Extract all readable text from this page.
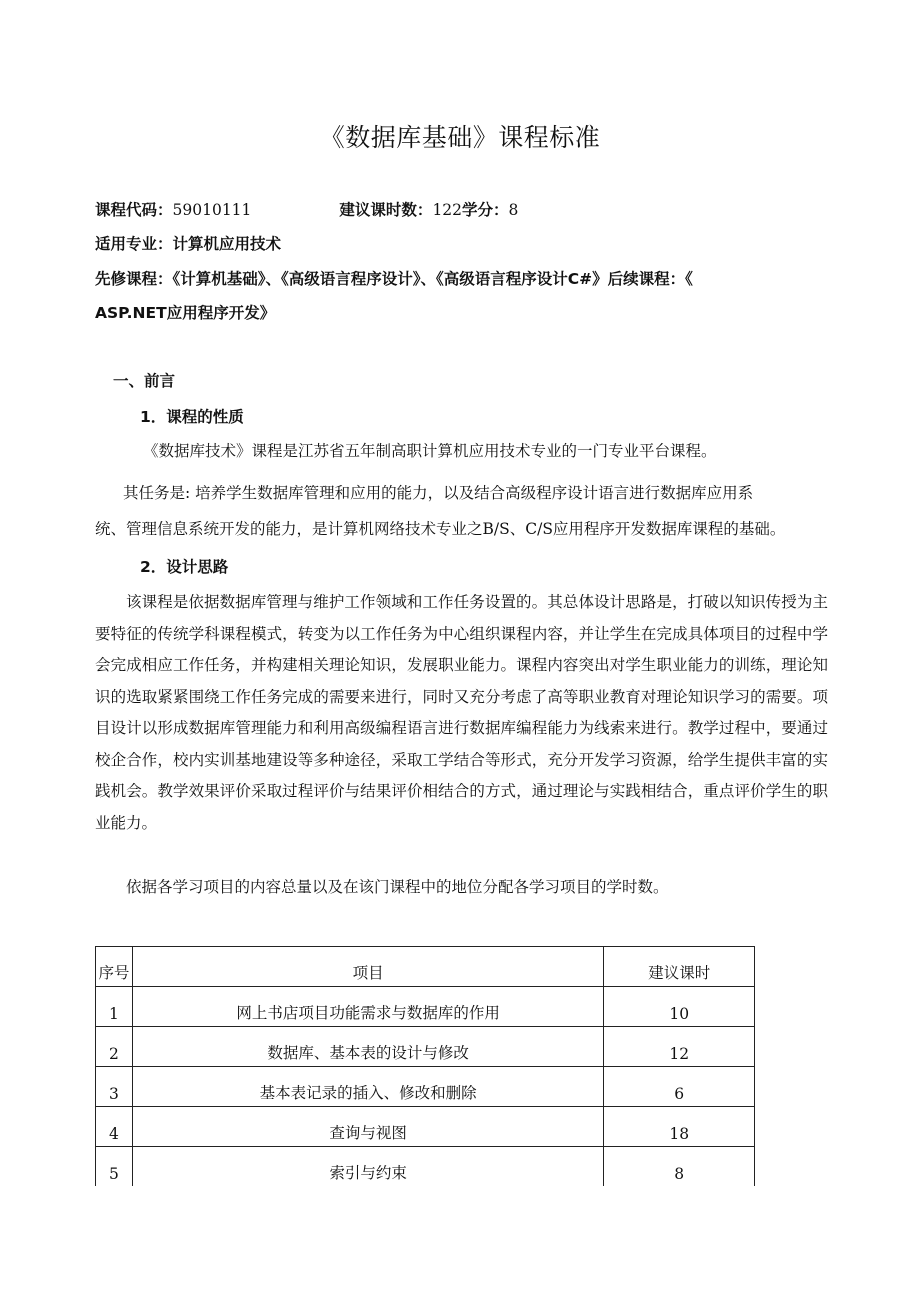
《数据库基础》课程标准
课程代码：59010111	建议课时数：122学分：8
适用专业：计算机应用技术
先修课程：《计算机基础》、《高级语言程序设计》、《高级语言程序设计C#》后续课程：《
ASP.NET应用程序开发》
一、前言
1．课程的性质

《数据库技术》课程是江苏省五年制高职计算机应用技术专业的一门专业平台课程。

其任务是: 培养学生数据库管理和应用的能力，以及结合高级程序设计语言进行数据库应用系

统、管理信息系统开发的能力，是计算机网络技术专业之B/S、C/S应用程序开发数据库课程的基础。

2．设计思路

该课程是依据数据库管理与维护工作领域和工作任务设置的。其总体设计思路是，打破以知识传授为主要特征的传统学科课程模式，转变为以工作任务为中心组织课程内容，并让学生在完成具体项目的过程中学会完成相应工作任务，并构建相关理论知识，发展职业能力。课程内容突出对学生职业能力的训练，理论知识的选取紧紧围绕工作任务完成的需要来进行，同时又充分考虑了高等职业教育对理论知识学习的需要。项目设计以形成数据库管理能力和利用高级编程语言进行数据库编程能力为线索来进行。教学过程中，要通过校企合作，校内实训基地建设等多种途径，采取工学结合等形式，充分开发学习资源，给学生提供丰富的实践机会。教学效果评价采取过程评价与结果评价相结合的方式，通过理论与实践相结合，重点评价学生的职业能力。

依据各学习项目的内容总量以及在该门课程中的地位分配各学习项目的学时数。

序号	项目	建议课时
1	网上书店项目功能需求与数据库的作用	10
2	数据库、基本表的设计与修改	12
3	基本表记录的插入、修改和删除	6
4	查询与视图	18
5	索引与约束	8
